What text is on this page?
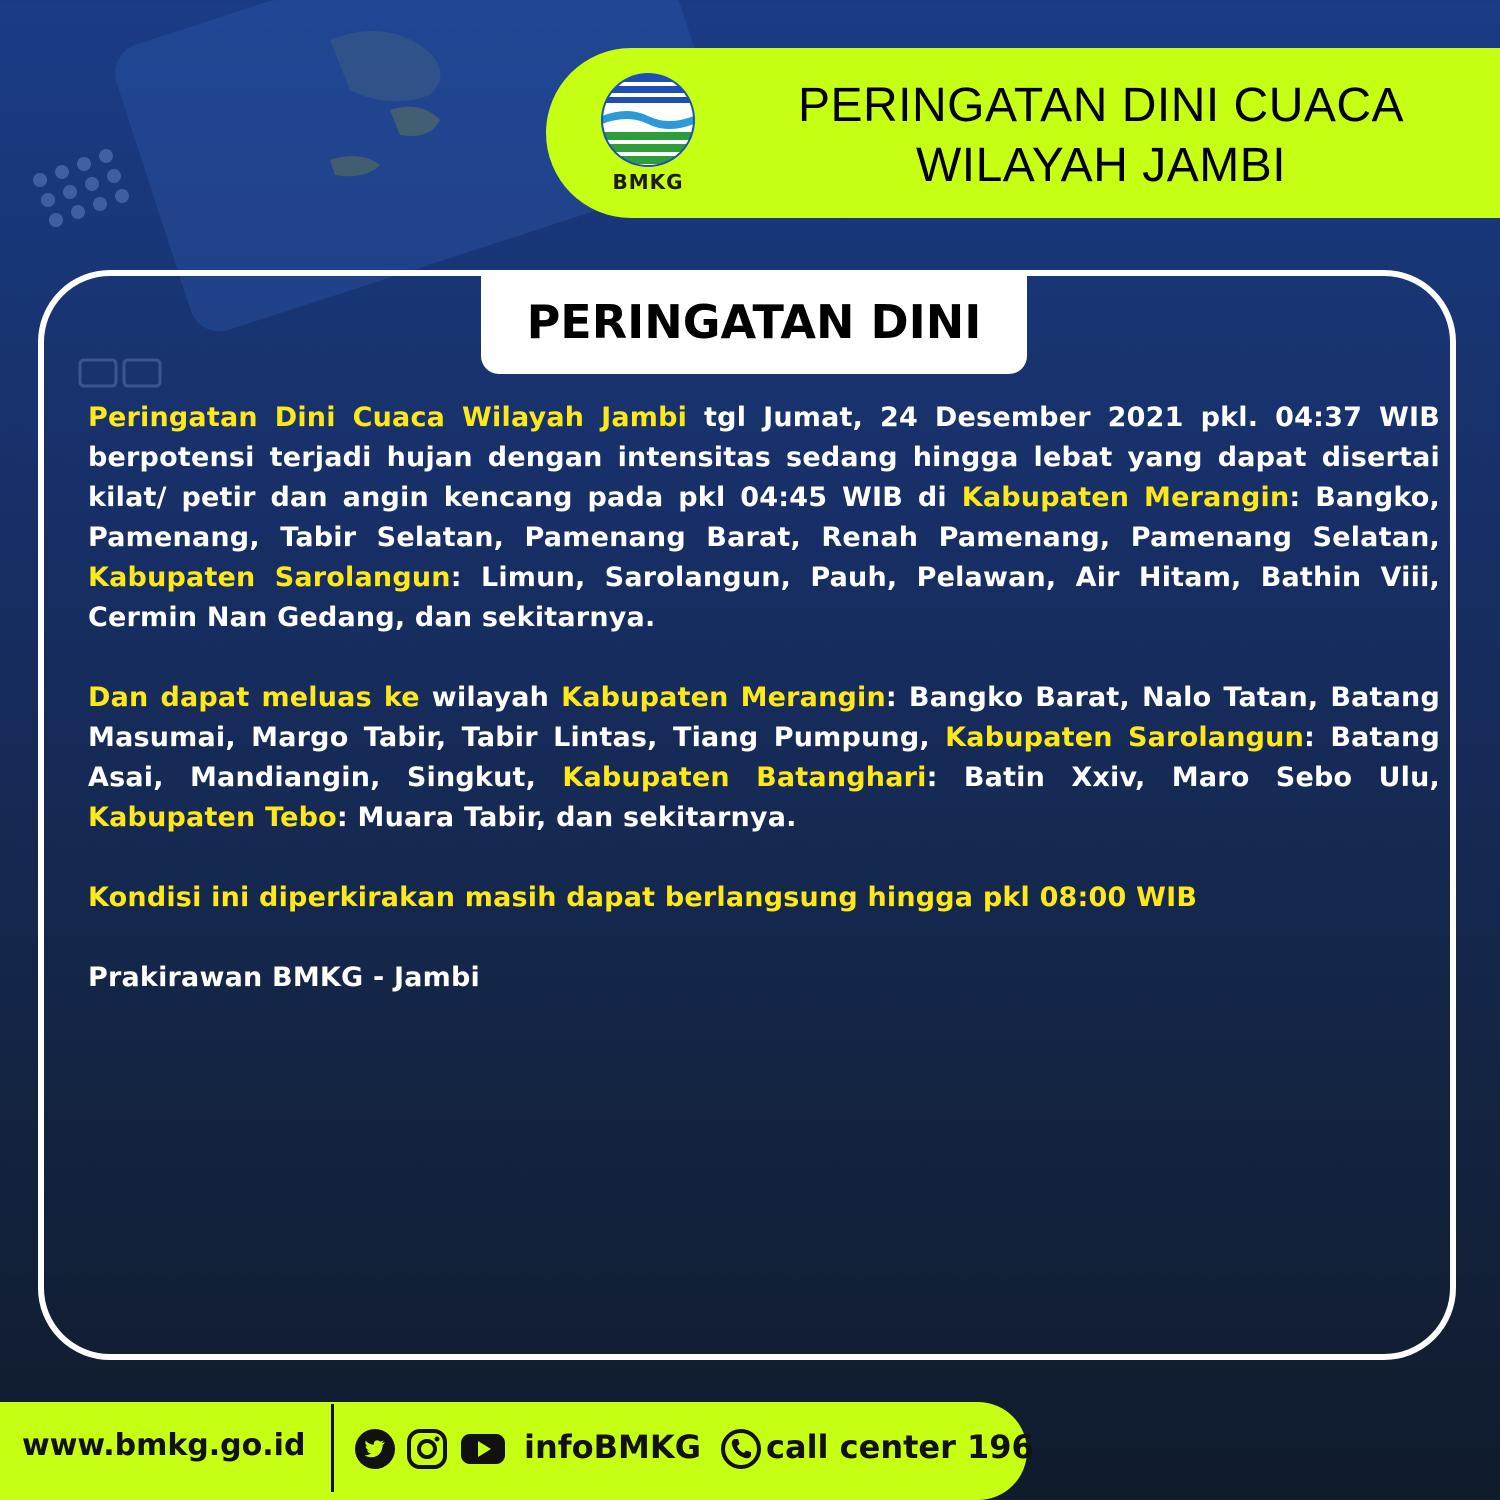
BMKG
PERINGATAN DINI CUACA
WILAYAH JAMBI
PERINGATAN DINI

Peringatan Dini Cuaca Wilayah Jambi tgl Jumat, 24 Desember 2021 pkl. 04:37 WIB berpotensi terjadi hujan dengan intensitas sedang hingga lebat yang dapat disertai kilat/ petir dan angin kencang pada pkl 04:45 WIB di Kabupaten Merangin: Bangko, Pamenang, Tabir Selatan, Pamenang Barat, Renah Pamenang, Pamenang Selatan, Kabupaten Sarolangun: Limun, Sarolangun, Pauh, Pelawan, Air Hitam, Bathin Viii, Cermin Nan Gedang, dan sekitarnya.

Dan dapat meluas ke wilayah Kabupaten Merangin: Bangko Barat, Nalo Tatan, Batang Masumai, Margo Tabir, Tabir Lintas, Tiang Pumpung, Kabupaten Sarolangun: Batang Asai, Mandiangin, Singkut, Kabupaten Batanghari: Batin Xxiv, Maro Sebo Ulu, Kabupaten Tebo: Muara Tabir, dan sekitarnya.

Kondisi ini diperkirakan masih dapat berlangsung hingga pkl 08:00 WIB

Prakirawan BMKG - Jambi

www.bmkg.go.id	infoBMKG call center 196
